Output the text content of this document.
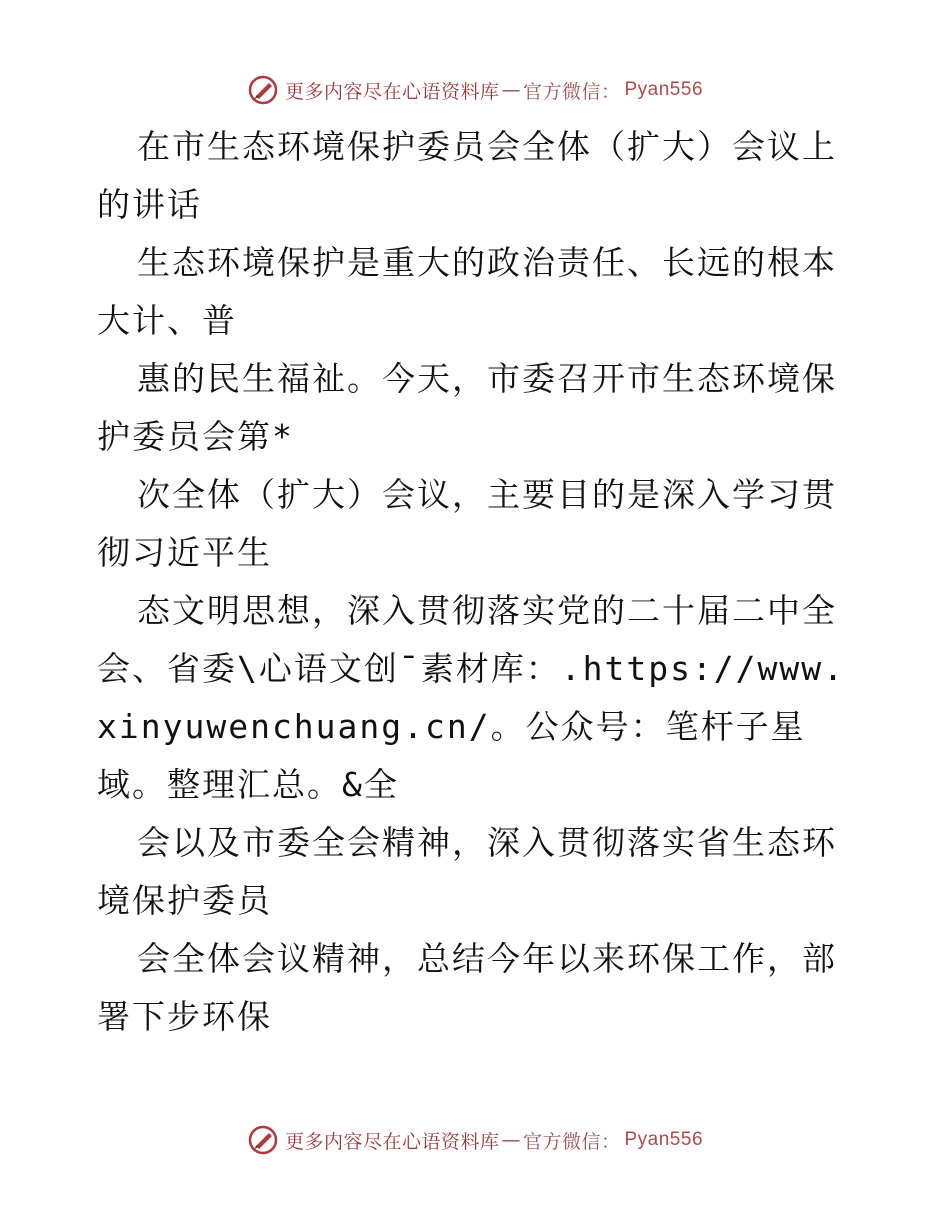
更多内容尽在心语资料库 — 官方微信： Pyan556

在市生态环境保护委员会全体（扩大）会议上的讲话

生态环境保护是重大的政治责任、长远的根本大计、普

惠的民生福祉。今天，市委召开市生态环境保护委员会第*

次全体（扩大）会议，主要目的是深入学习贯彻习近平生

态文明思想，深入贯彻落实党的二十届二中全会、省委\心语文创¯素材库：.https://www.xinyuwenchuang.cn/。公众号：笔杆子星域。整理汇总。&全

会以及市委全会精神，深入贯彻落实省生态环境保护委员

会全体会议精神，总结今年以来环保工作，部署下步环保

更多内容尽在心语资料库 — 官方微信： Pyan556
